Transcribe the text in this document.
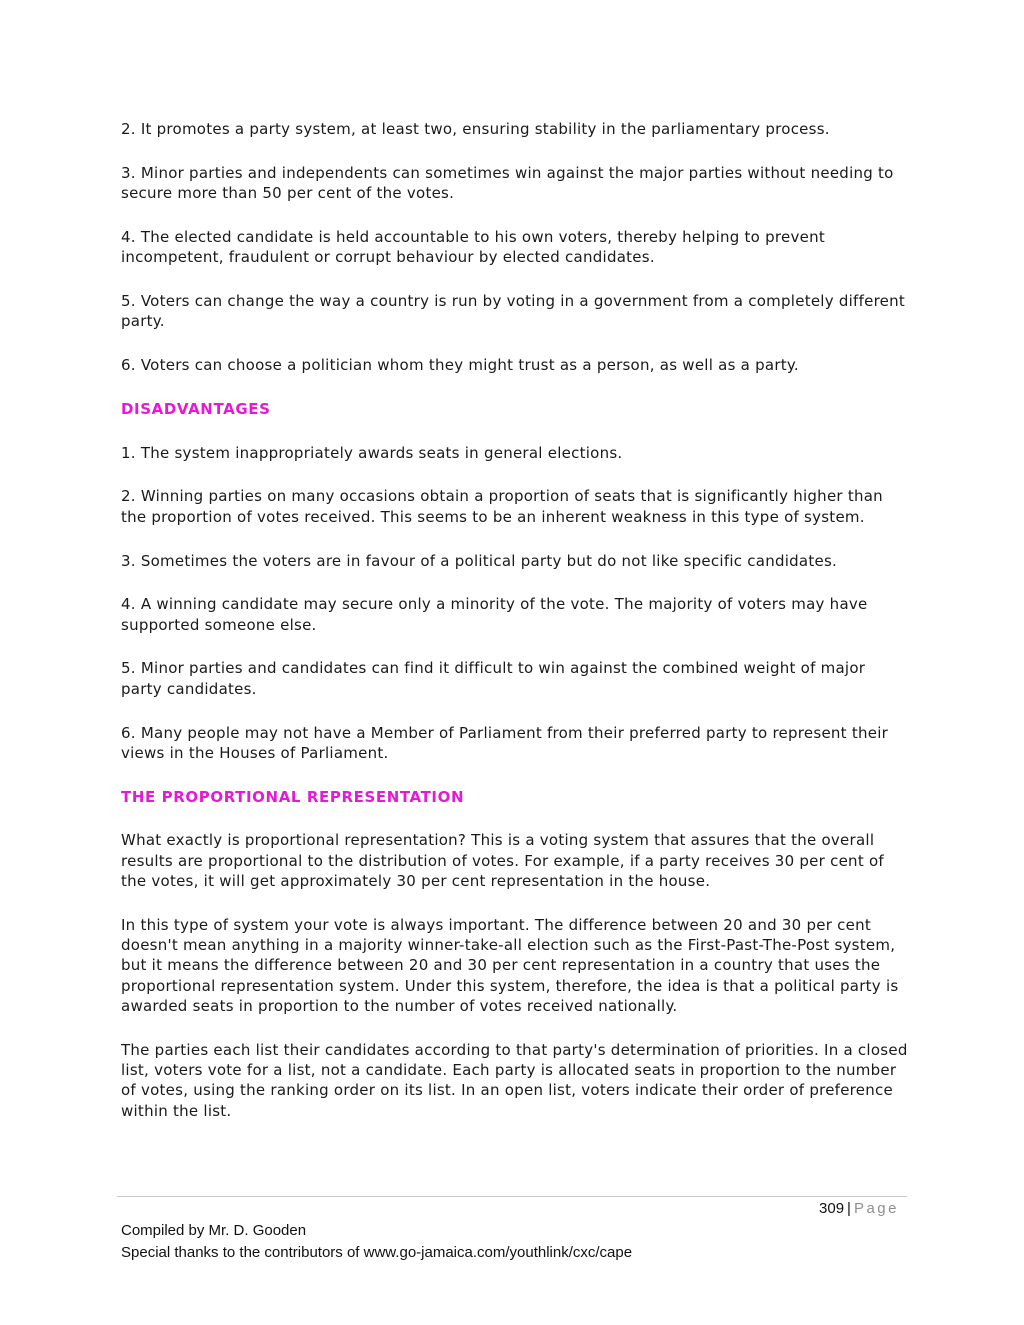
2. It promotes a party system, at least two, ensuring stability in the parliamentary process.

3. Minor parties and independents can sometimes win against the major parties without needing to secure more than 50 per cent of the votes.

4. The elected candidate is held accountable to his own voters, thereby helping to prevent incompetent, fraudulent or corrupt behaviour by elected candidates.

5. Voters can change the way a country is run by voting in a government from a completely different party.

6. Voters can choose a politician whom they might trust as a person, as well as a party.

DISADVANTAGES

1. The system inappropriately awards seats in general elections.

2. Winning parties on many occasions obtain a proportion of seats that is significantly higher than the proportion of votes received. This seems to be an inherent weakness in this type of system.

3. Sometimes the voters are in favour of a political party but do not like specific candidates.

4. A winning candidate may secure only a minority of the vote. The majority of voters may have supported someone else.

5. Minor parties and candidates can find it difficult to win against the combined weight of major party candidates.

6. Many people may not have a Member of Parliament from their preferred party to represent their views in the Houses of Parliament.

THE PROPORTIONAL REPRESENTATION

What exactly is proportional representation? This is a voting system that assures that the overall results are proportional to the distribution of votes. For example, if a party receives 30 per cent of the votes, it will get approximately 30 per cent representation in the house.

In this type of system your vote is always important. The difference between 20 and 30 per cent doesn't mean anything in a majority winner-take-all election such as the First-Past-The-Post system, but it means the difference between 20 and 30 per cent representation in a country that uses the proportional representation system. Under this system, therefore, the idea is that a political party is awarded seats in proportion to the number of votes received nationally.

The parties each list their candidates according to that party's determination of priorities. In a closed list, voters vote for a list, not a candidate. Each party is allocated seats in proportion to the number of votes, using the ranking order on its list. In an open list, voters indicate their order of preference within the list.

309 | Page
Compiled by Mr. D. Gooden
Special thanks to the contributors of www.go-jamaica.com/youthlink/cxc/cape
